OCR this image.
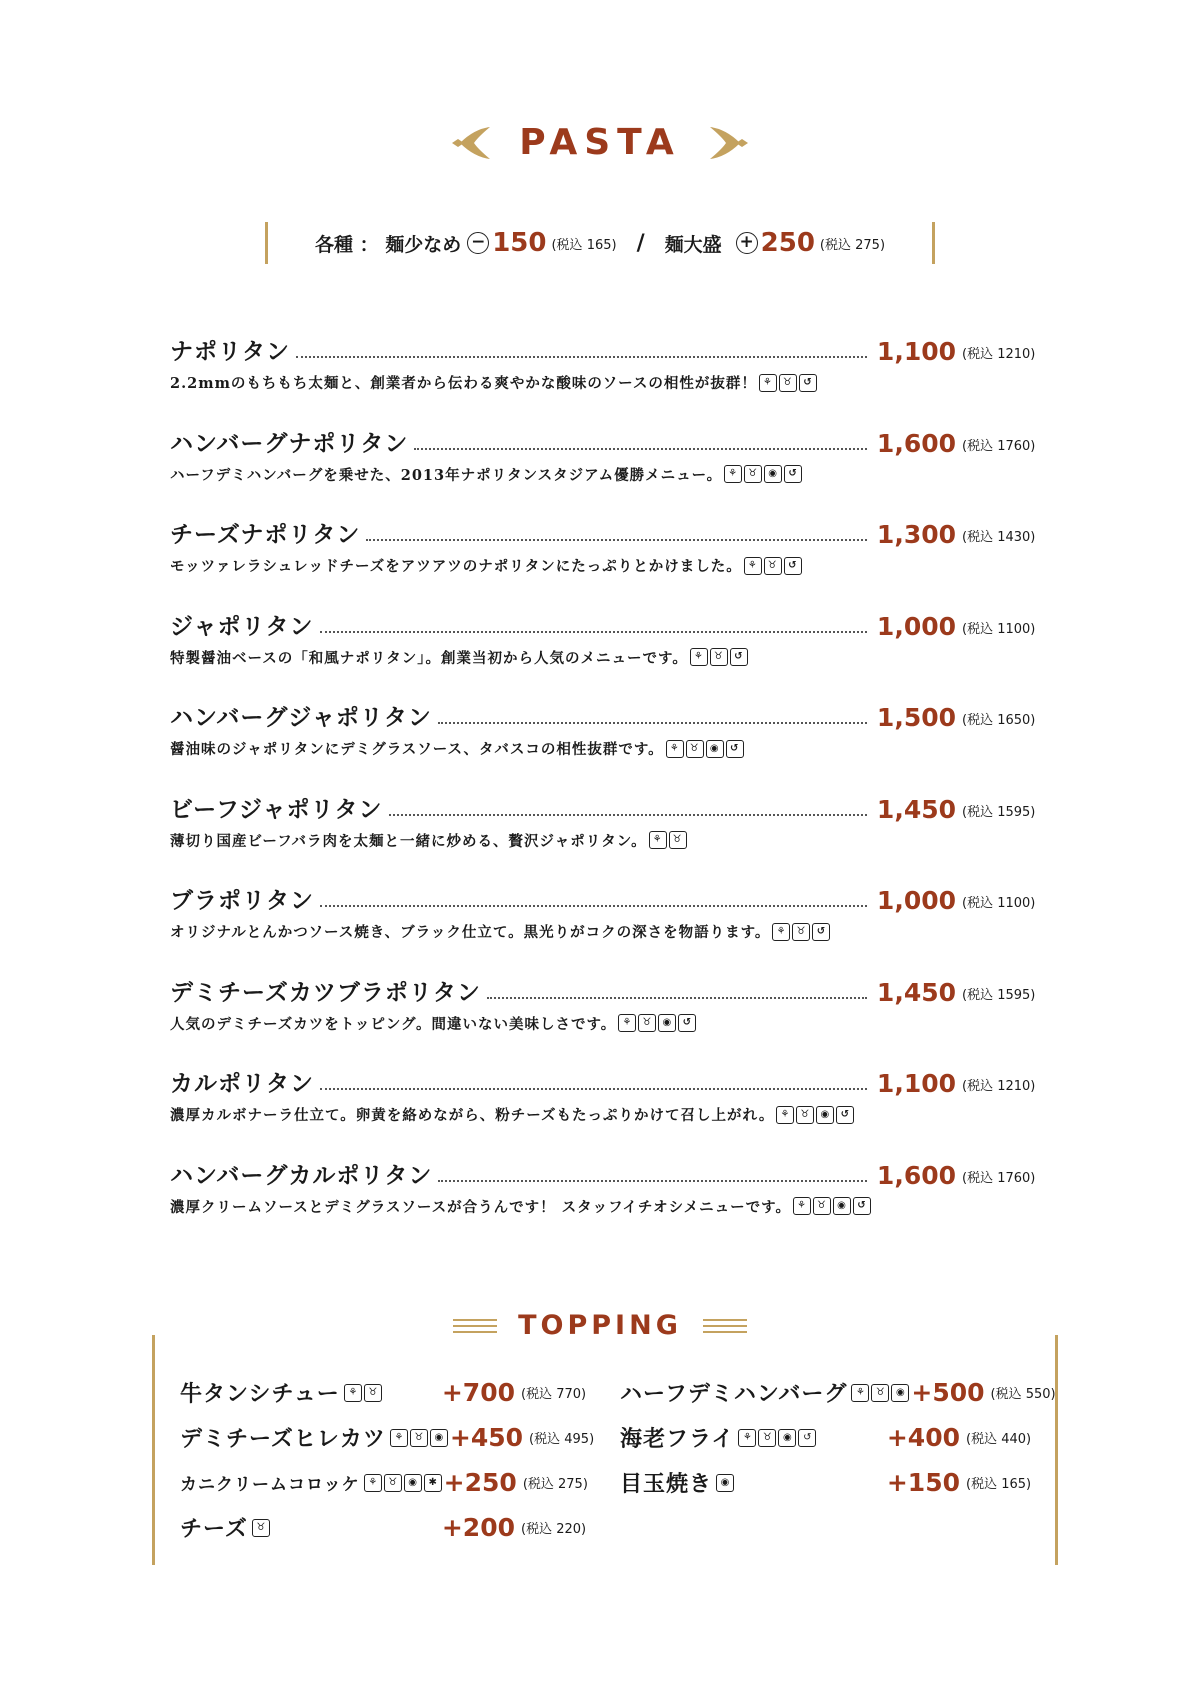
PASTA
各種 ： 麺少なめ − 150 (税込 165) / 麺大盛 + 250 (税込 275)
ナポリタン	1,100 (税込 1210)
2.2mmのもちもち太麺と、創業者から伝わる爽やかな酸味のソースの相性が抜群！ ⚘	♉	↺
ハンバーグナポリタン	1,600 (税込 1760)
ハーフデミハンバーグを乗せた、2013年ナポリタンスタジアム優勝メニュー。 ⚘	♉	◉	↺
チーズナポリタン	1,300 (税込 1430)
モッツァレラシュレッドチーズをアツアツのナポリタンにたっぷりとかけました。 ⚘	♉	↺
ジャポリタン	1,000 (税込 1100)
特製醤油ベースの「和風ナポリタン」。創業当初から人気のメニューです。 ⚘	♉	↺
ハンバーグジャポリタン	1,500 (税込 1650)
醤油味のジャポリタンにデミグラスソース、タバスコの相性抜群です。 ⚘	♉	◉	↺
ビーフジャポリタン	1,450 (税込 1595)
薄切り国産ビーフバラ肉を太麺と一緒に炒める、贅沢ジャポリタン。 ⚘	♉
ブラポリタン	1,000 (税込 1100)
オリジナルとんかつソース焼き、ブラック仕立て。黒光りがコクの深さを物語ります。 ⚘	♉	↺
デミチーズカツブラポリタン	1,450 (税込 1595)
人気のデミチーズカツをトッピング。間違いない美味しさです。 ⚘	♉	◉	↺
カルポリタン	1,100 (税込 1210)
濃厚カルボナーラ仕立て。卵黄を絡めながら、粉チーズもたっぷりかけて召し上がれ。 ⚘	♉	◉	↺
ハンバーグカルポリタン	1,600 (税込 1760)
濃厚クリームソースとデミグラスソースが合うんです！ スタッフイチオシメニューです。 ⚘	♉	◉	↺
TOPPING
牛タンシチュー ⚘	♉	+700 (税込 770)
デミチーズヒレカツ ⚘	♉	◉ +450 (税込 495)
カニクリームコロッケ ⚘	♉	◉	✱ +250 (税込 275)
チーズ ♉	+200 (税込 220)
ハーフデミハンバーグ ⚘	♉	◉ +500 (税込 550)
海老フライ ⚘	♉	◉	↺	+400 (税込 440)
目玉焼き ◉	+150 (税込 165)
